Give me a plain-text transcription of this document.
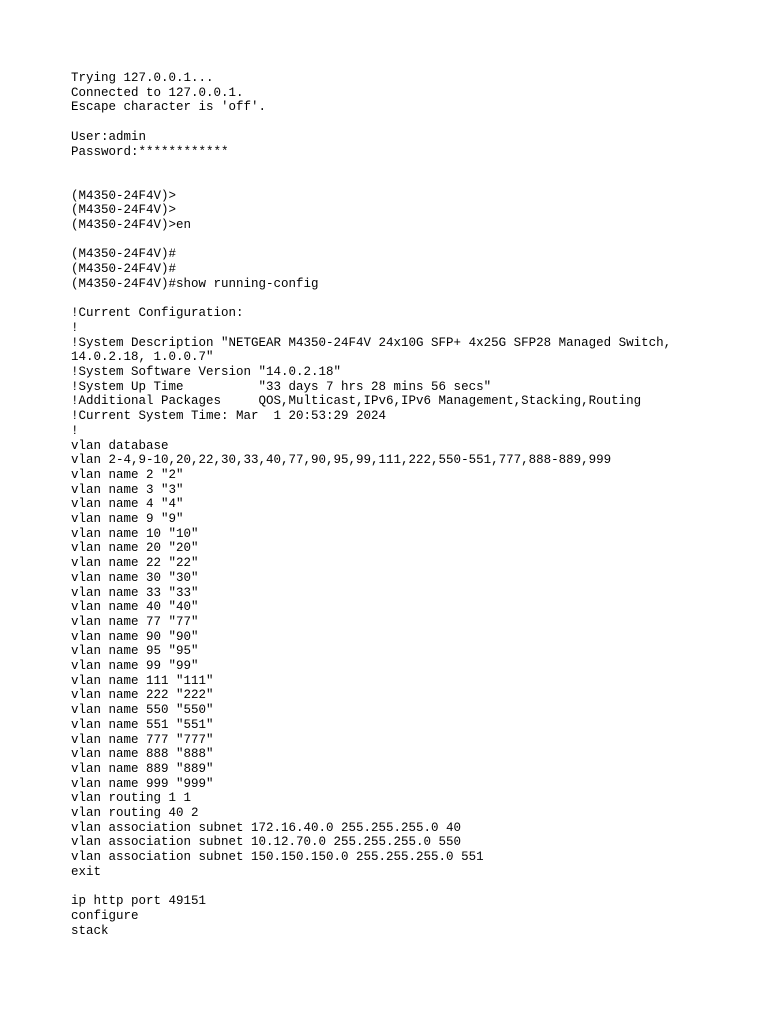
Trying 127.0.0.1...
Connected to 127.0.0.1.
Escape character is 'off'.
User:admin
Password:************
(M4350-24F4V)>
(M4350-24F4V)>
(M4350-24F4V)>en
(M4350-24F4V)#
(M4350-24F4V)#
(M4350-24F4V)#show running-config
!Current Configuration:
!
!System Description "NETGEAR M4350-24F4V 24x10G SFP+ 4x25G SFP28 Managed Switch,
14.0.2.18, 1.0.0.7"
!System Software Version "14.0.2.18"
!System Up Time          "33 days 7 hrs 28 mins 56 secs"
!Additional Packages     QOS,Multicast,IPv6,IPv6 Management,Stacking,Routing
!Current System Time: Mar  1 20:53:29 2024
!
vlan database
vlan 2-4,9-10,20,22,30,33,40,77,90,95,99,111,222,550-551,777,888-889,999
vlan name 2 "2"
vlan name 3 "3"
vlan name 4 "4"
vlan name 9 "9"
vlan name 10 "10"
vlan name 20 "20"
vlan name 22 "22"
vlan name 30 "30"
vlan name 33 "33"
vlan name 40 "40"
vlan name 77 "77"
vlan name 90 "90"
vlan name 95 "95"
vlan name 99 "99"
vlan name 111 "111"
vlan name 222 "222"
vlan name 550 "550"
vlan name 551 "551"
vlan name 777 "777"
vlan name 888 "888"
vlan name 889 "889"
vlan name 999 "999"
vlan routing 1 1
vlan routing 40 2
vlan association subnet 172.16.40.0 255.255.255.0 40
vlan association subnet 10.12.70.0 255.255.255.0 550
vlan association subnet 150.150.150.0 255.255.255.0 551
exit
ip http port 49151
configure
stack
